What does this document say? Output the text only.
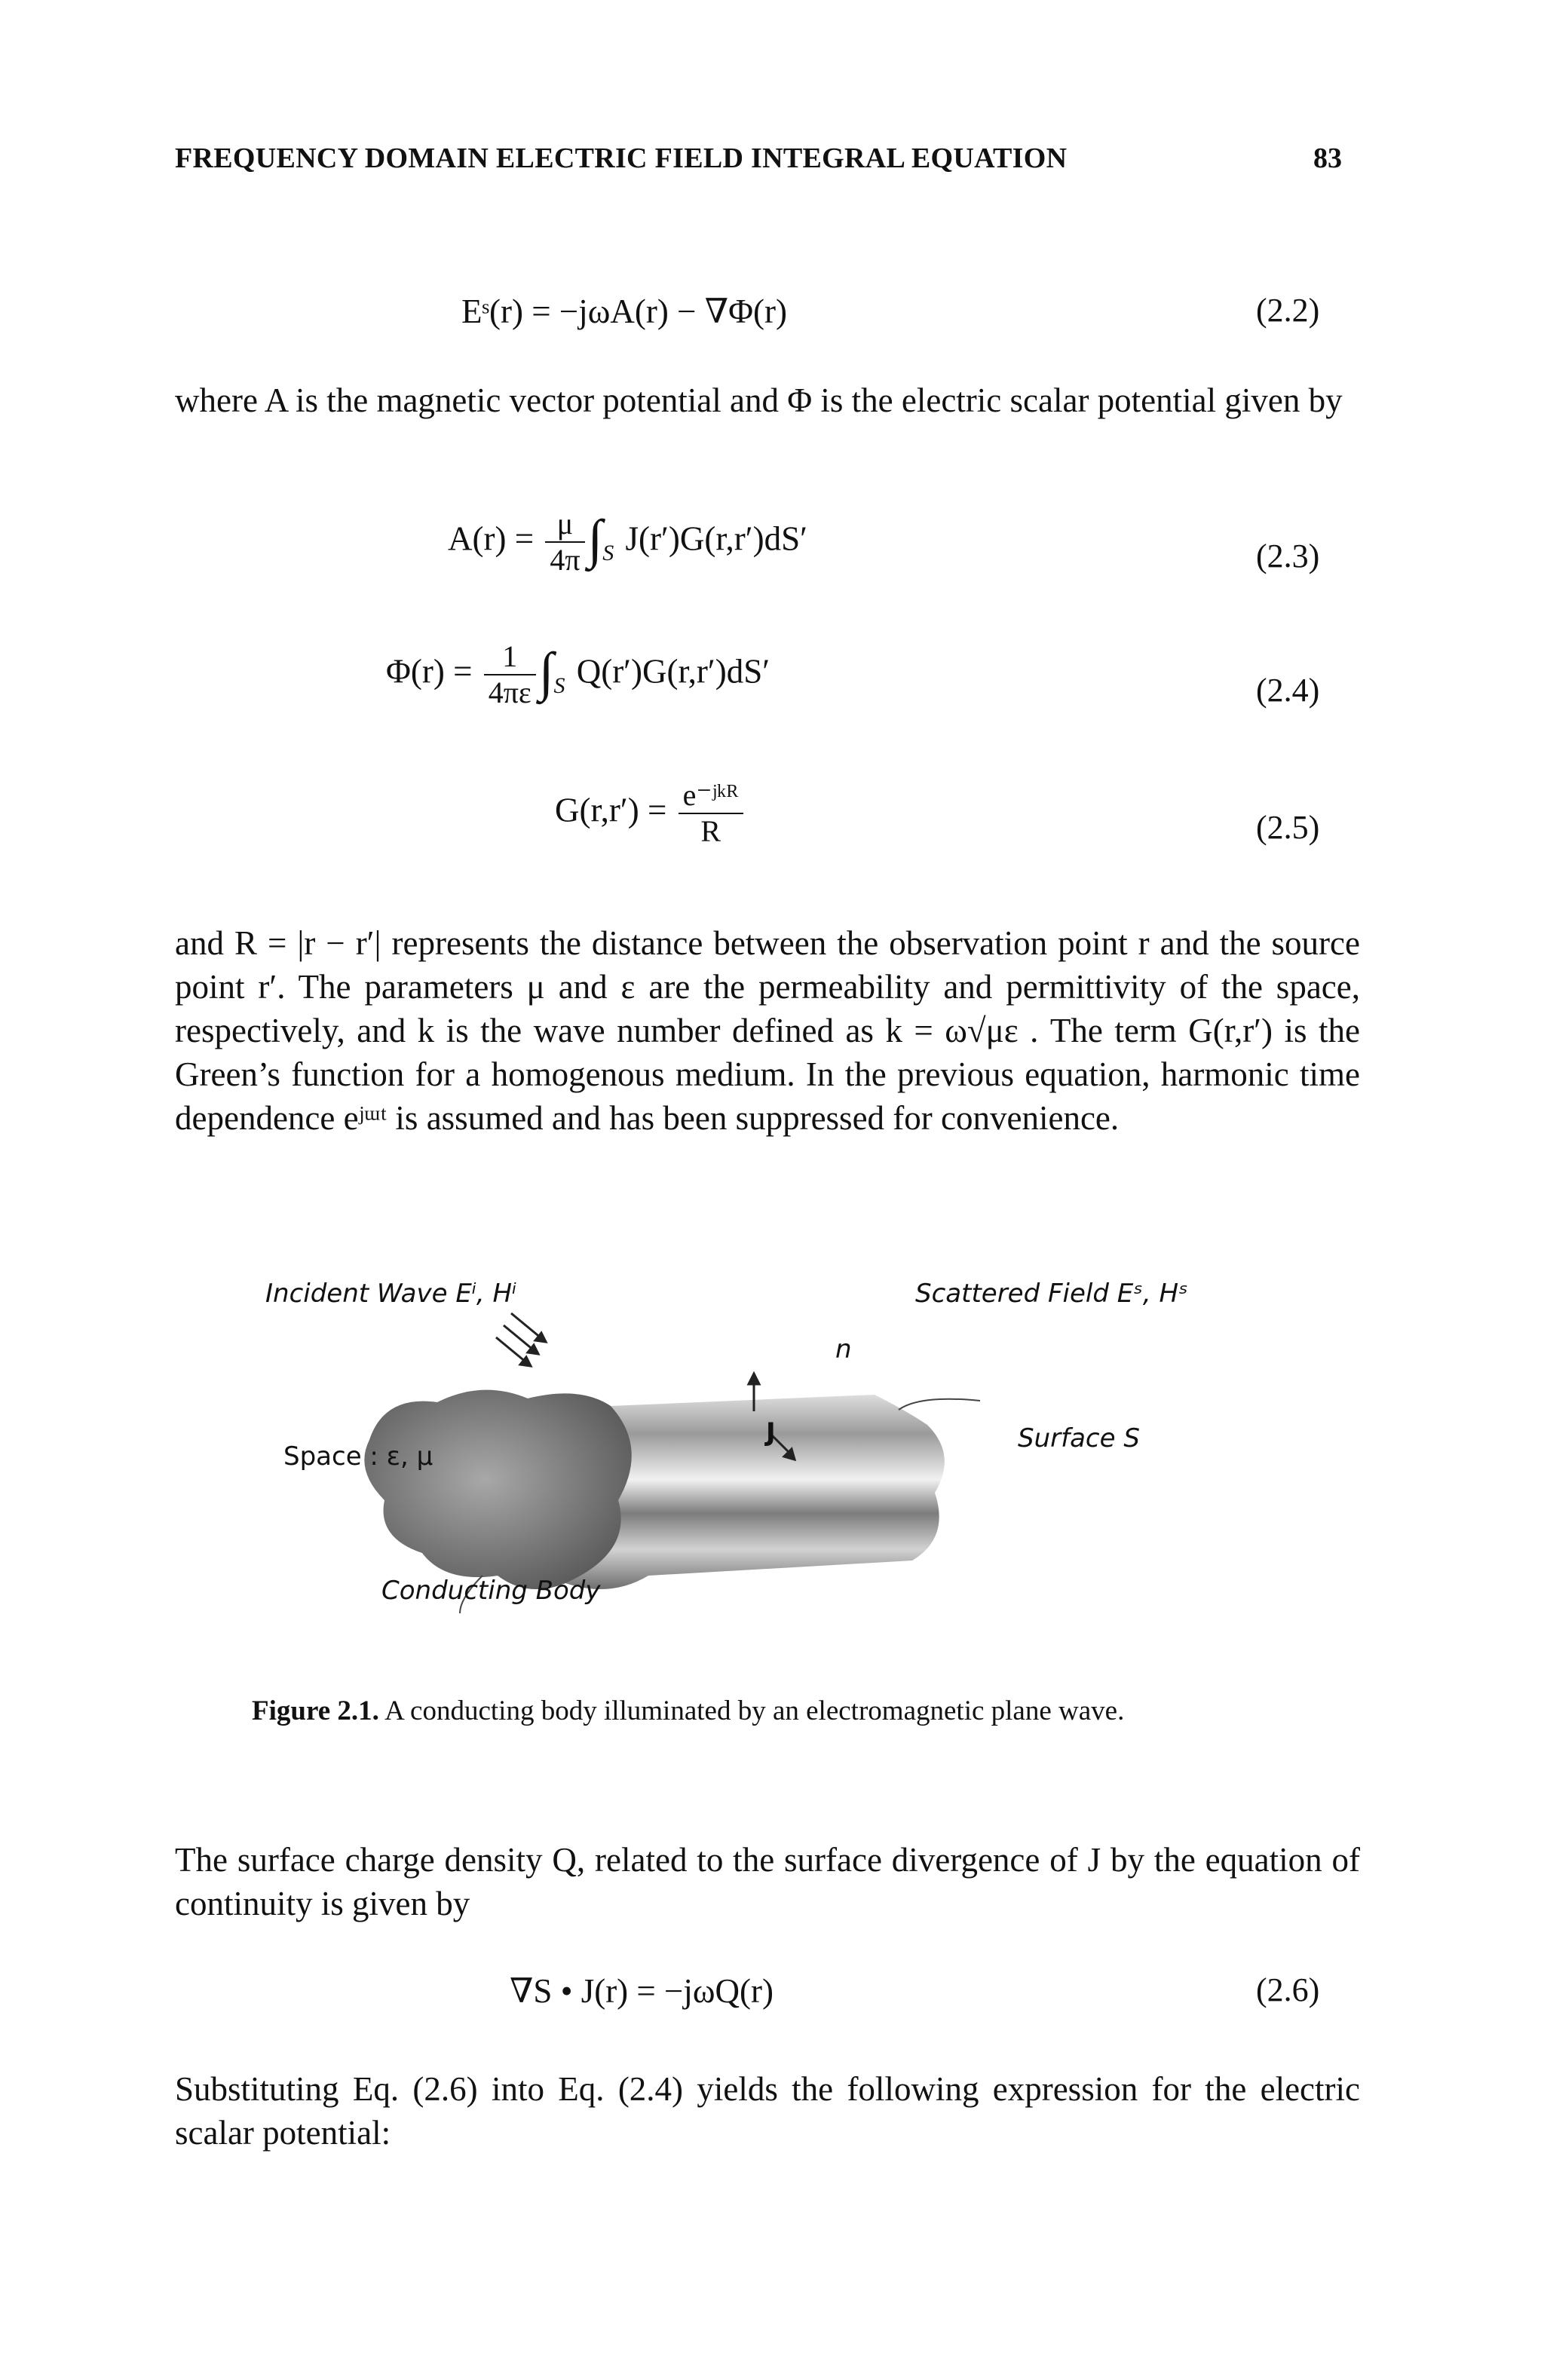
FREQUENCY DOMAIN ELECTRIC FIELD INTEGRAL EQUATION	83
Eˢ(r) = −jωA(r) − ∇Φ(r)	(2.2)
where A is the magnetic vector potential and Φ is the electric scalar potential given by
$A(r) = \frac{\mu}{4\pi} \int_S$ J(r′)G(r,r′)dS′	(2.3)
$\Phi(r) = \frac{1}{4\pi\varepsilon} \int_S$ Q(r′)G(r,r′)dS′
(2.4)
$G(r,r') = \frac{\text{e⁻ʲᵏᴿ}}{R}$	(2.5)
and R = |r − r′| represents the distance between the observation point r and the source point r′. The parameters μ and ε are the permeability and permittivity of the space, respectively, and k is the wave number defined as k = ω√με . The term G(r,r′) is the Green’s function for a homogenous medium. In the previous equation, harmonic time dependence eʲᵚᵗ is assumed and has been suppressed for convenience.
Incident Wave Eⁱ, Hⁱ	Scattered Field Eˢ, Hˢ
Space : ε, μ
Surface S
Conducting Body
n
J
Figure 2.1. A conducting body illuminated by an electromagnetic plane wave.
The surface charge density Q, related to the surface divergence of J by the equation of continuity is given by
∇S • J(r) = −jωQ(r)	(2.6)
Substituting Eq. (2.6) into Eq. (2.4) yields the following expression for the electric scalar potential:
